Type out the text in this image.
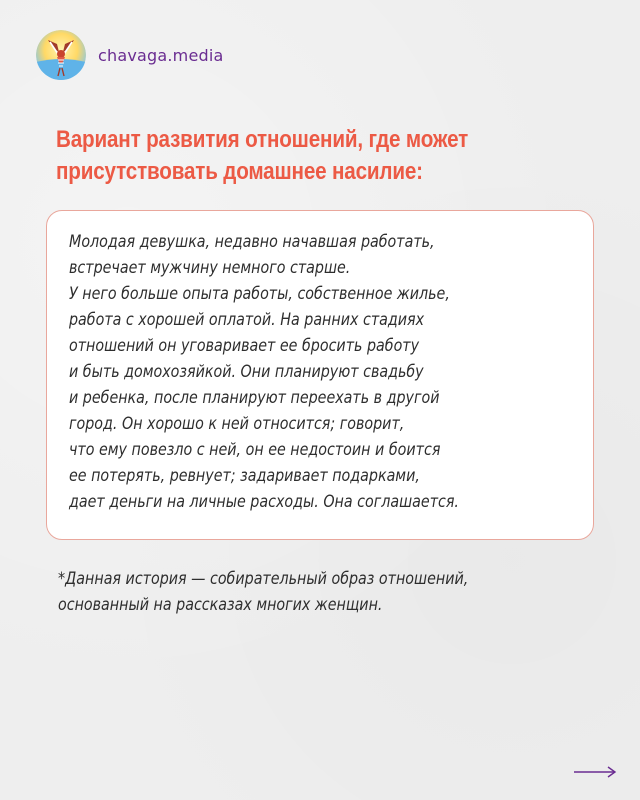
chavaga.media
Вариант развития отношений, где может
присутствовать домашнее насилие:

Молодая девушка, недавно начавшая работать,
встречает мужчину немного старше.
У него больше опыта работы, собственное жилье,
работа с хорошей оплатой. На ранних стадиях
отношений он уговаривает ее бросить работу
и быть домохозяйкой. Они планируют свадьбу
и ребенка, после планируют переехать в другой
город. Он хорошо к ней относится; говорит,
что ему повезло с ней, он ее недостоин и боится
ее потерять, ревнует; задаривает подарками,
дает деньги на личные расходы. Она соглашается.

*Данная история — собирательный образ отношений,
основанный на рассказах многих женщин.
